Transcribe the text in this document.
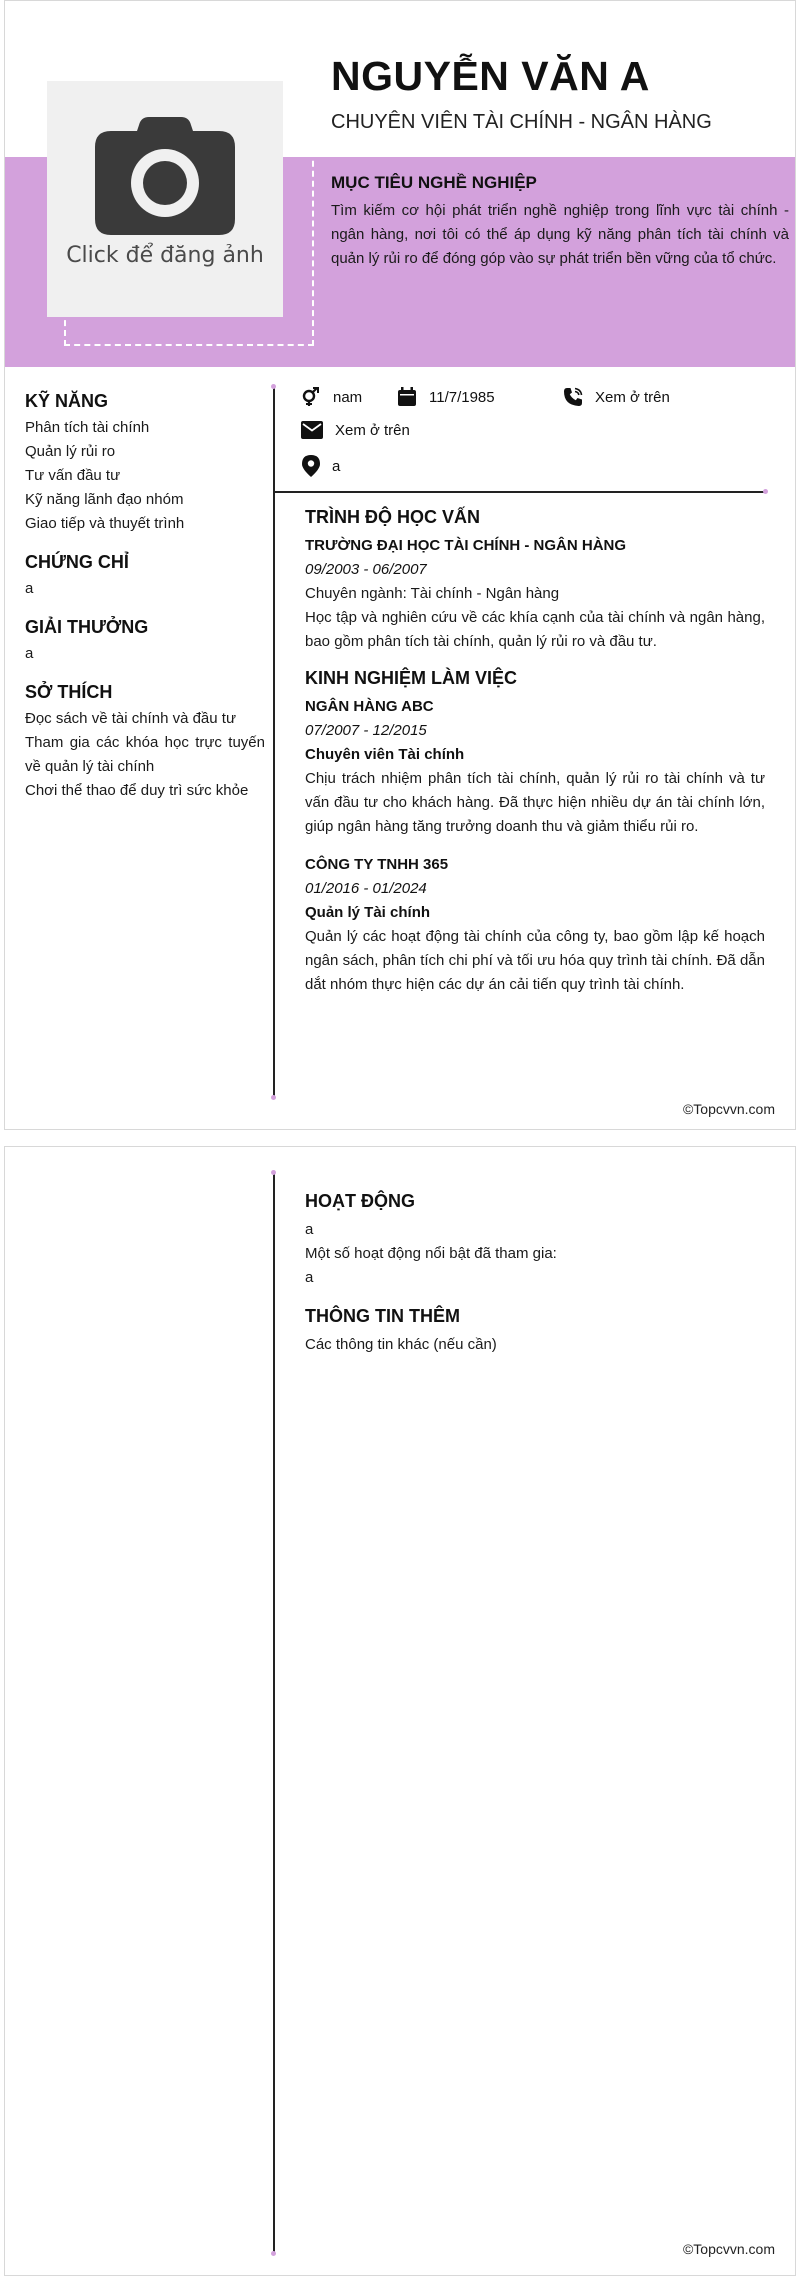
Click để đăng ảnh
NGUYỄN VĂN A
CHUYÊN VIÊN TÀI CHÍNH - NGÂN HÀNG
MỤC TIÊU NGHỀ NGHIỆP
Tìm kiếm cơ hội phát triển nghề nghiệp trong lĩnh vực tài chính - ngân hàng, nơi tôi có thể áp dụng kỹ năng phân tích tài chính và quản lý rủi ro để đóng góp vào sự phát triển bền vững của tổ chức.
KỸ NĂNG
Phân tích tài chính
Quản lý rủi ro
Tư vấn đầu tư
Kỹ năng lãnh đạo nhóm
Giao tiếp và thuyết trình
CHỨNG CHỈ
a
GIẢI THƯỞNG
a
SỞ THÍCH
Đọc sách về tài chính và đầu tư
Tham gia các khóa học trực tuyến về quản lý tài chính
Chơi thể thao để duy trì sức khỏe
nam	11/7/1985	Xem ở trên
Xem ở trên
a
TRÌNH ĐỘ HỌC VẤN
TRƯỜNG ĐẠI HỌC TÀI CHÍNH - NGÂN HÀNG
09/2003 - 06/2007
Chuyên ngành: Tài chính - Ngân hàng
Học tập và nghiên cứu về các khía cạnh của tài chính và ngân hàng, bao gồm phân tích tài chính, quản lý rủi ro và đầu tư.
KINH NGHIỆM LÀM VIỆC
NGÂN HÀNG ABC
07/2007 - 12/2015
Chuyên viên Tài chính
Chịu trách nhiệm phân tích tài chính, quản lý rủi ro tài chính và tư vấn đầu tư cho khách hàng. Đã thực hiện nhiều dự án tài chính lớn, giúp ngân hàng tăng trưởng doanh thu và giảm thiểu rủi ro.
CÔNG TY TNHH 365
01/2016 - 01/2024
Quản lý Tài chính
Quản lý các hoạt động tài chính của công ty, bao gồm lập kế hoạch ngân sách, phân tích chi phí và tối ưu hóa quy trình tài chính. Đã dẫn dắt nhóm thực hiện các dự án cải tiến quy trình tài chính.
©Topcvvn.com
HOẠT ĐỘNG
a
Một số hoạt động nổi bật đã tham gia:
a
THÔNG TIN THÊM
Các thông tin khác (nếu cần)
©Topcvvn.com
